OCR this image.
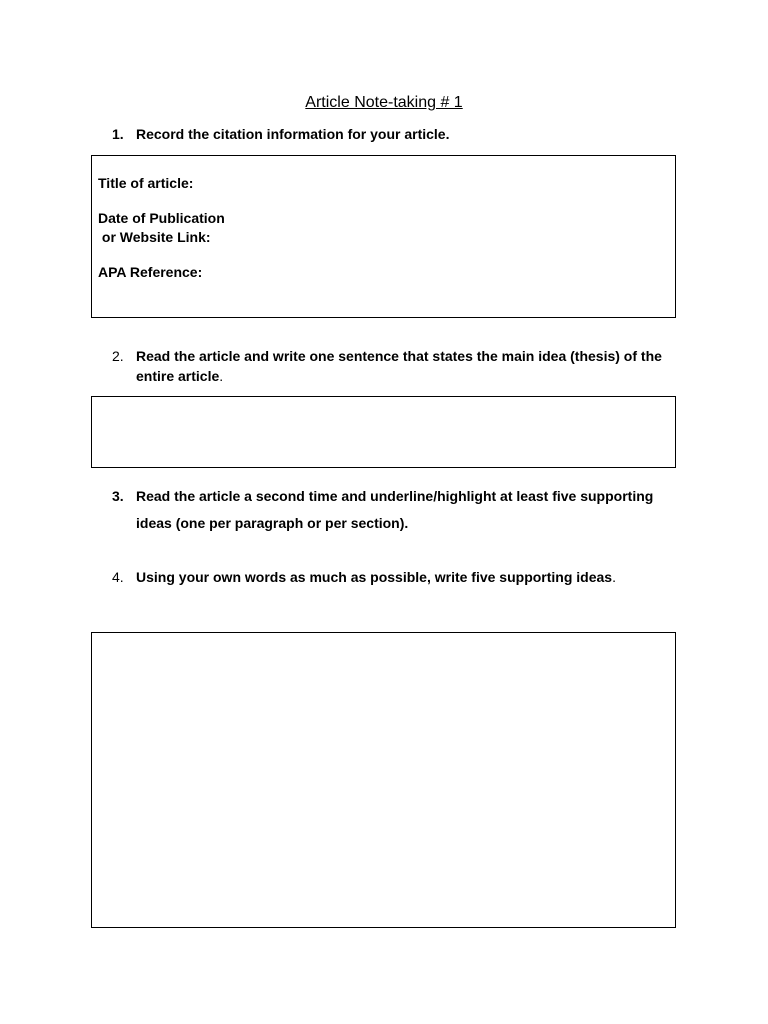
Article Note-taking # 1
1. Record the citation information for your article.
Title of article:
Date of Publication
or Website Link:
APA Reference:
2. Read the article and write one sentence that states the main idea (thesis) of the entire article.
3. Read the article a second time and underline/highlight at least five supporting ideas (one per paragraph or per section).
4. Using your own words as much as possible, write five supporting ideas.
